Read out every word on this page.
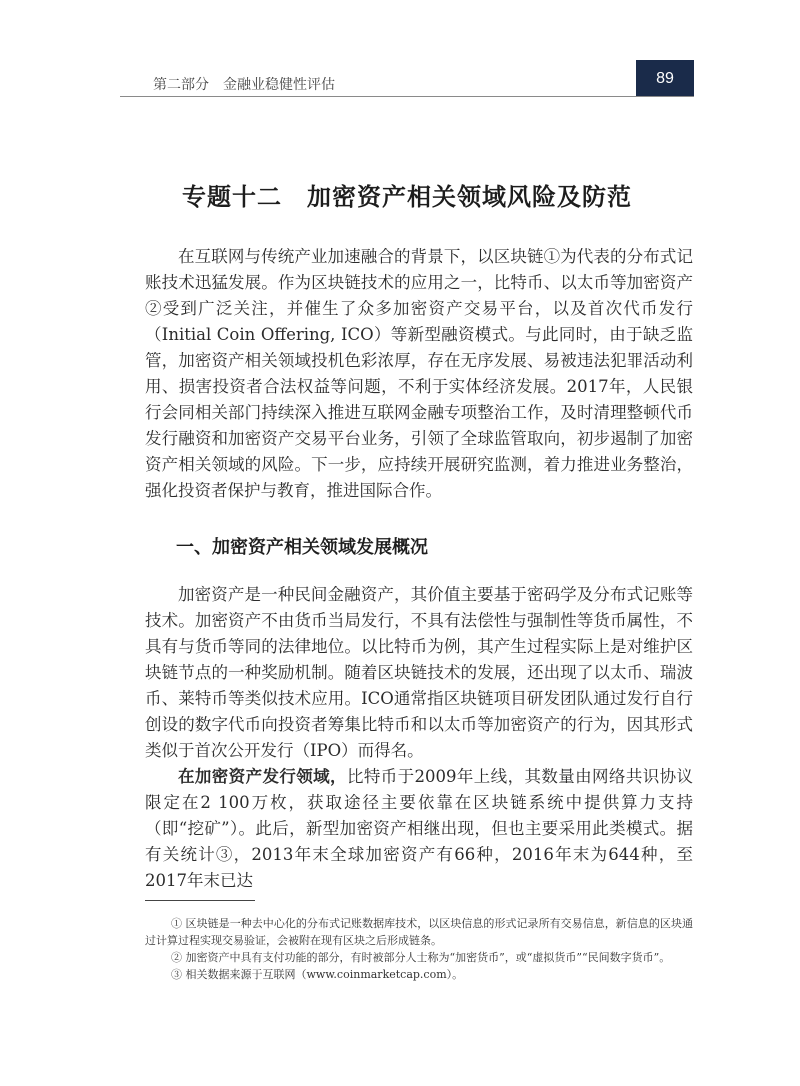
第二部分　金融业稳健性评估	89
专题十二　加密资产相关领域风险及防范

在互联网与传统产业加速融合的背景下，以区块链①为代表的分布式记账技术迅猛发展。作为区块链技术的应用之一，比特币、以太币等加密资产②受到广泛关注，并催生了众多加密资产交易平台，以及首次代币发行（Initial Coin Offering, ICO）等新型融资模式。与此同时，由于缺乏监管，加密资产相关领域投机色彩浓厚，存在无序发展、易被违法犯罪活动利用、损害投资者合法权益等问题，不利于实体经济发展。2017年，人民银行会同相关部门持续深入推进互联网金融专项整治工作，及时清理整顿代币发行融资和加密资产交易平台业务，引领了全球监管取向，初步遏制了加密资产相关领域的风险。下一步，应持续开展研究监测，着力推进业务整治，强化投资者保护与教育，推进国际合作。

一、加密资产相关领域发展概况

加密资产是一种民间金融资产，其价值主要基于密码学及分布式记账等技术。加密资产不由货币当局发行，不具有法偿性与强制性等货币属性，不具有与货币等同的法律地位。以比特币为例，其产生过程实际上是对维护区块链节点的一种奖励机制。随着区块链技术的发展，还出现了以太币、瑞波币、莱特币等类似技术应用。ICO通常指区块链项目研发团队通过发行自行创设的数字代币向投资者筹集比特币和以太币等加密资产的行为，因其形式类似于首次公开发行（IPO）而得名。

在加密资产发行领域，比特币于2009年上线，其数量由网络共识协议限定在2 100万枚，获取途径主要依靠在区块链系统中提供算力支持（即“挖矿”）。此后，新型加密资产相继出现，但也主要采用此类模式。据有关统计③，2013年末全球加密资产有66种，2016年末为644种，至2017年末已达

① 区块链是一种去中心化的分布式记账数据库技术，以区块信息的形式记录所有交易信息，新信息的区块通过计算过程实现交易验证，会被附在现有区块之后形成链条。

② 加密资产中具有支付功能的部分，有时被部分人士称为“加密货币”，或“虚拟货币”“民间数字货币”。

③ 相关数据来源于互联网（www.coinmarketcap.com）。
